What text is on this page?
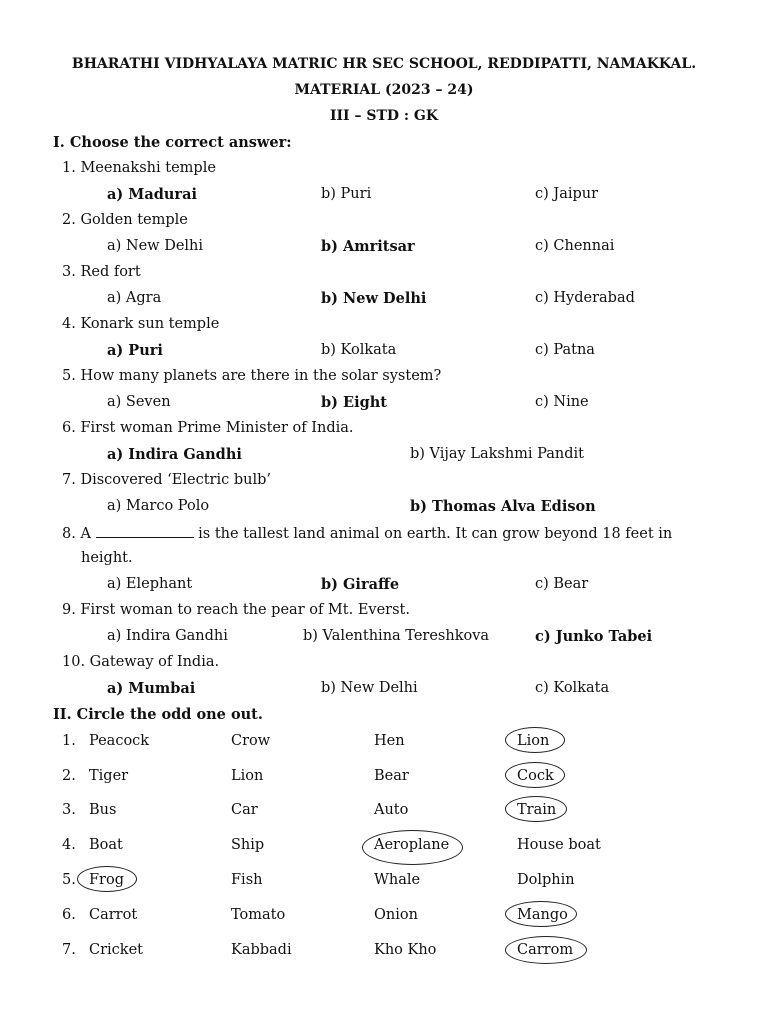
BHARATHI VIDHYALAYA MATRIC HR SEC SCHOOL, REDDIPATTI, NAMAKKAL.
MATERIAL (2023 – 24)
III – STD : GK
I. Choose the correct answer:
1. Meenakshi temple
a) Madurai	b) Puri	c) Jaipur
2. Golden temple
a) New Delhi	b) Amritsar	c) Chennai
3. Red fort
a) Agra	b) New Delhi	c) Hyderabad
4. Konark sun temple
a) Puri	b) Kolkata	c) Patna
5. How many planets are there in the solar system?
a) Seven	b) Eight	c) Nine
6. First woman Prime Minister of India.
a) Indira Gandhi	b) Vijay Lakshmi Pandit
7. Discovered ‘Electric bulb’
a) Marco Polo	b) Thomas Alva Edison
8. A	is the tallest land animal on earth. It can grow beyond 18 feet in
height.
a) Elephant	b) Giraffe	c) Bear
9. First woman to reach the pear of Mt. Everst.
a) Indira Gandhi	b) Valenthina Tereshkova	c) Junko Tabei
10. Gateway of India.
a) Mumbai	b) New Delhi	c) Kolkata
II. Circle the odd one out.
1. Peacock	Crow	Hen	Lion
2. Tiger	Lion	Bear	Cock
3. Bus	Car	Auto	Train
4. Boat	Ship	Aeroplane	House boat
5. Frog	Fish	Whale	Dolphin
6. Carrot	Tomato	Onion	Mango
7. Cricket	Kabbadi	Kho Kho	Carrom
